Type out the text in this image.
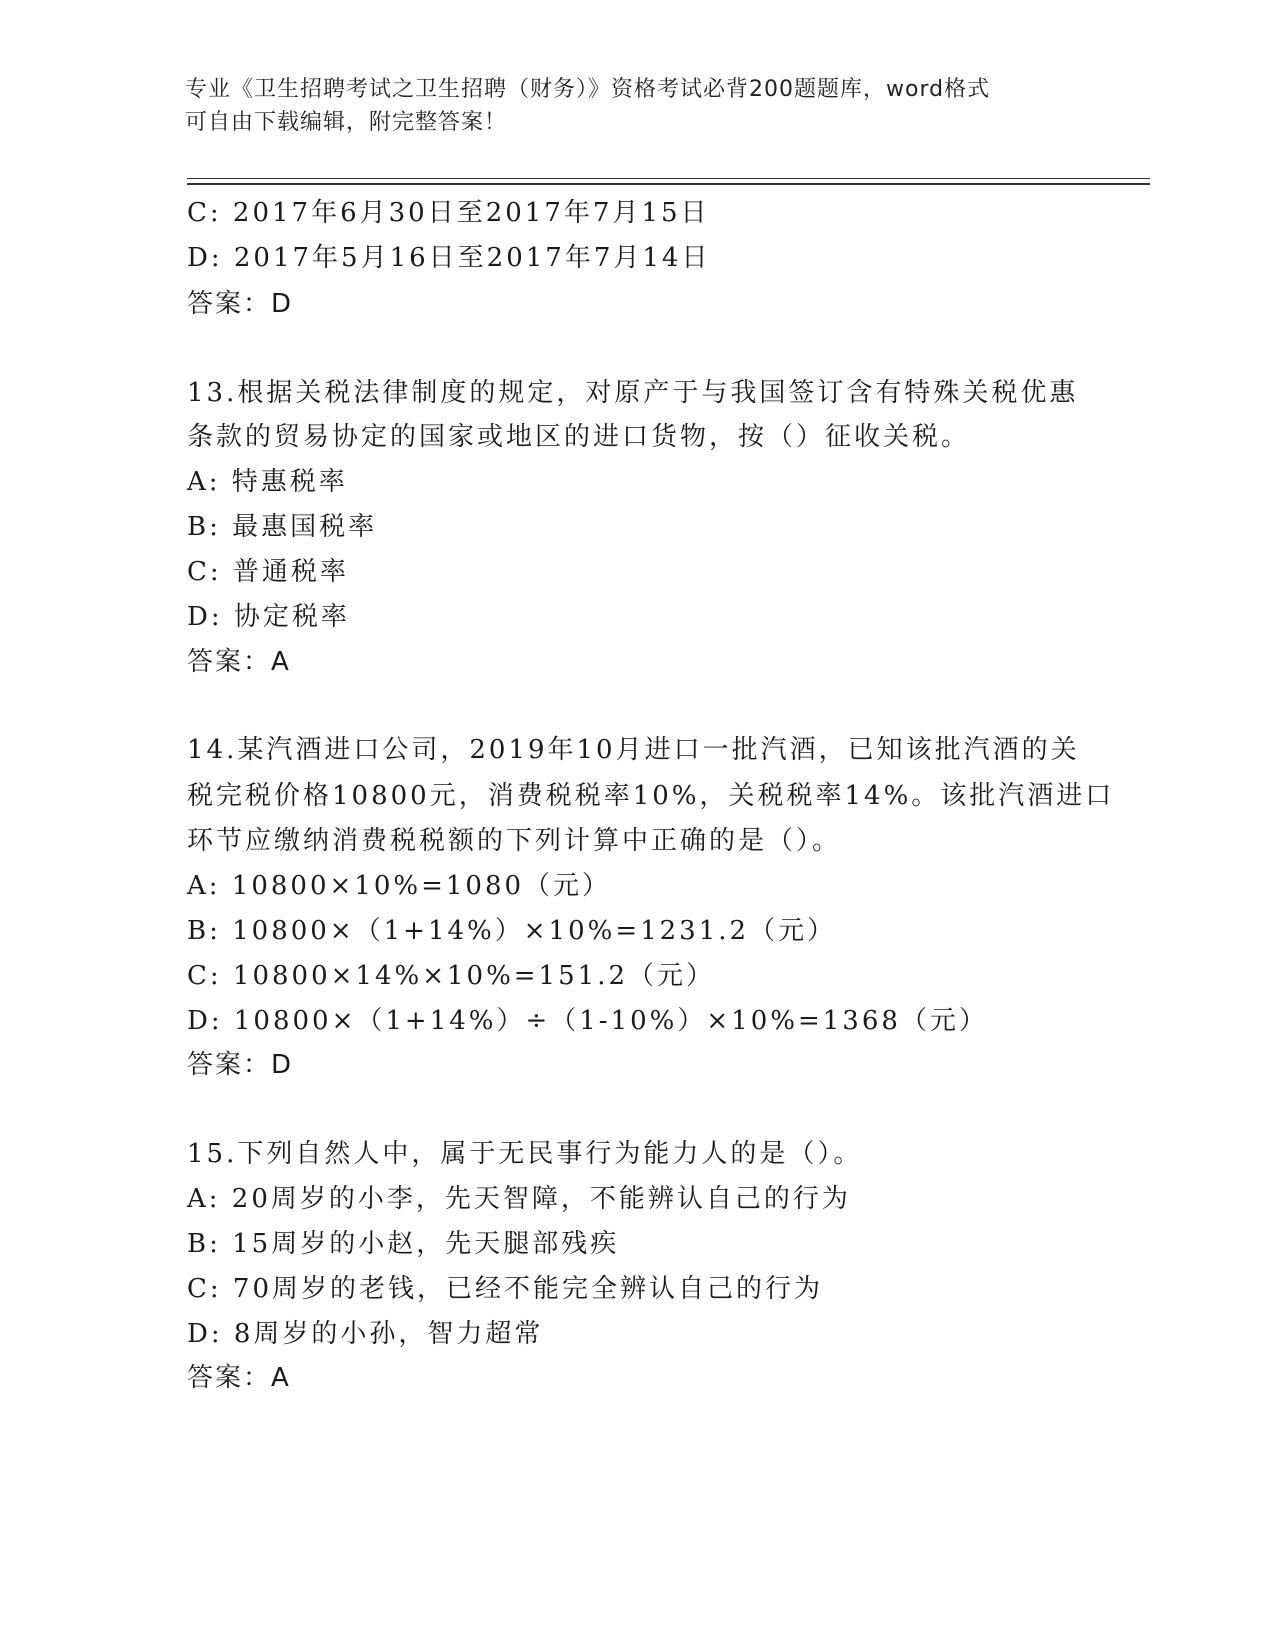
专业《卫生招聘考试之卫生招聘（财务）》资格考试必背200题题库，word格式
可自由下载编辑，附完整答案！
C: 2017年6月30日至2017年7月15日
D: 2017年5月16日至2017年7月14日
答案：D
13.根据关税法律制度的规定，对原产于与我国签订含有特殊关税优惠
条款的贸易协定的国家或地区的进口货物，按（）征收关税。
A: 特惠税率
B: 最惠国税率
C: 普通税率
D: 协定税率
答案：A
14.某汽酒进口公司，2019年10月进口一批汽酒，已知该批汽酒的关
税完税价格10800元，消费税税率10%，关税税率14%。该批汽酒进口
环节应缴纳消费税税额的下列计算中正确的是（）。
A: 10800×10%=1080（元）
B: 10800×（1+14%）×10%=1231.2（元）
C: 10800×14%×10%=151.2（元）
D: 10800×（1+14%）÷（1-10%）×10%=1368（元）
答案：D
15.下列自然人中，属于无民事行为能力人的是（）。
A: 20周岁的小李，先天智障，不能辨认自己的行为
B: 15周岁的小赵，先天腿部残疾
C: 70周岁的老钱，已经不能完全辨认自己的行为
D: 8周岁的小孙，智力超常
答案：A
